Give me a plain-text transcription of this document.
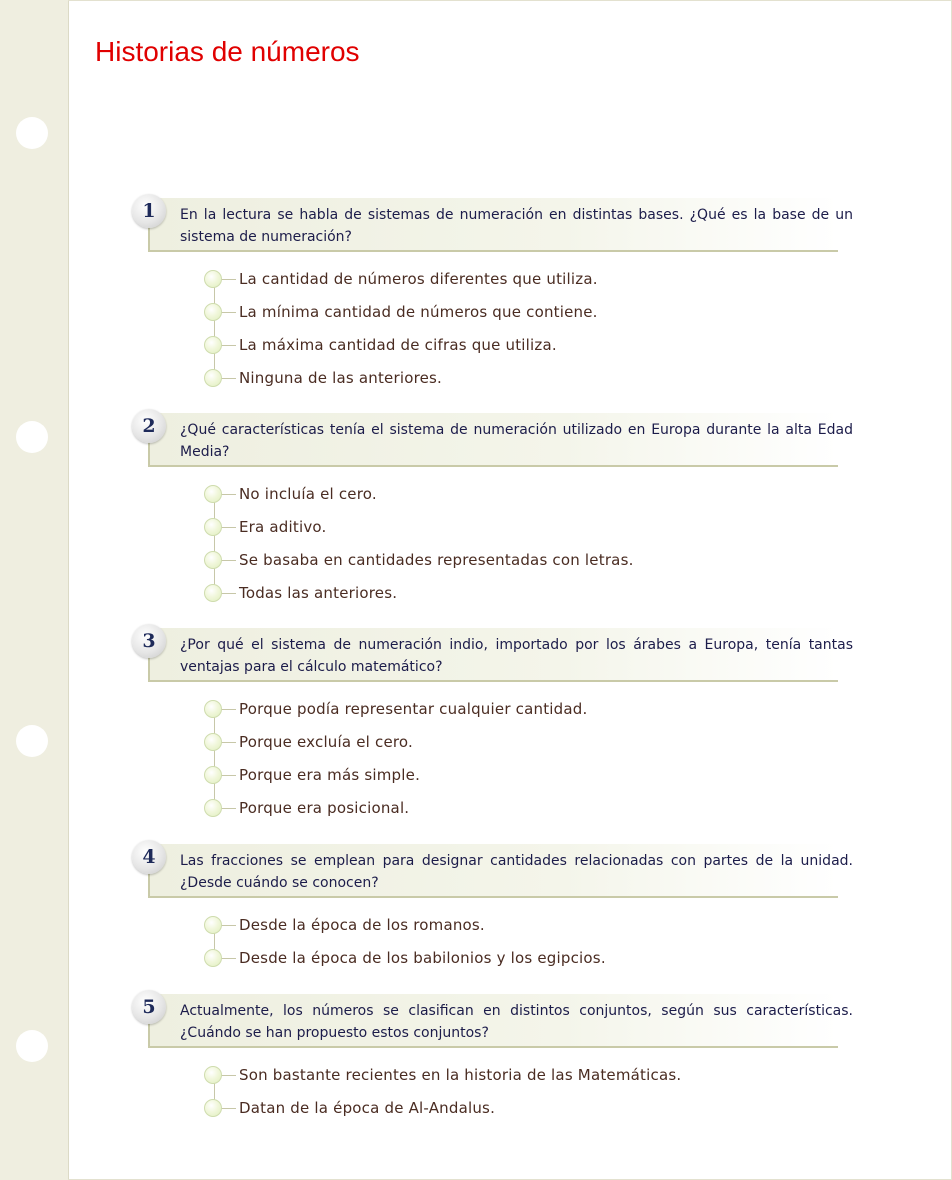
Historias de números
1	En la lectura se habla de sistemas de numeración en distintas bases. ¿Qué es la base de un sistema de numeración?

La cantidad de números diferentes que utiliza.
La mínima cantidad de números que contiene.
La máxima cantidad de cifras que utiliza.
Ninguna de las anteriores.
2	¿Qué características tenía el sistema de numeración utilizado en Europa durante la alta Edad Media?

No incluía el cero.
Era aditivo.
Se basaba en cantidades representadas con letras.
Todas las anteriores.
3	¿Por qué el sistema de numeración indio, importado por los árabes a Europa, tenía tantas ventajas para el cálculo matemático?

Porque podía representar cualquier cantidad.
Porque excluía el cero.
Porque era más simple.
Porque era posicional.
4	Las fracciones se emplean para designar cantidades relacionadas con partes de la unidad. ¿Desde cuándo se conocen?

Desde la época de los romanos.
Desde la época de los babilonios y los egipcios.
5	Actualmente, los números se clasifican en distintos conjuntos, según sus características. ¿Cuándo se han propuesto estos conjuntos?

Son bastante recientes en la historia de las Matemáticas.
Datan de la época de Al-Andalus.
